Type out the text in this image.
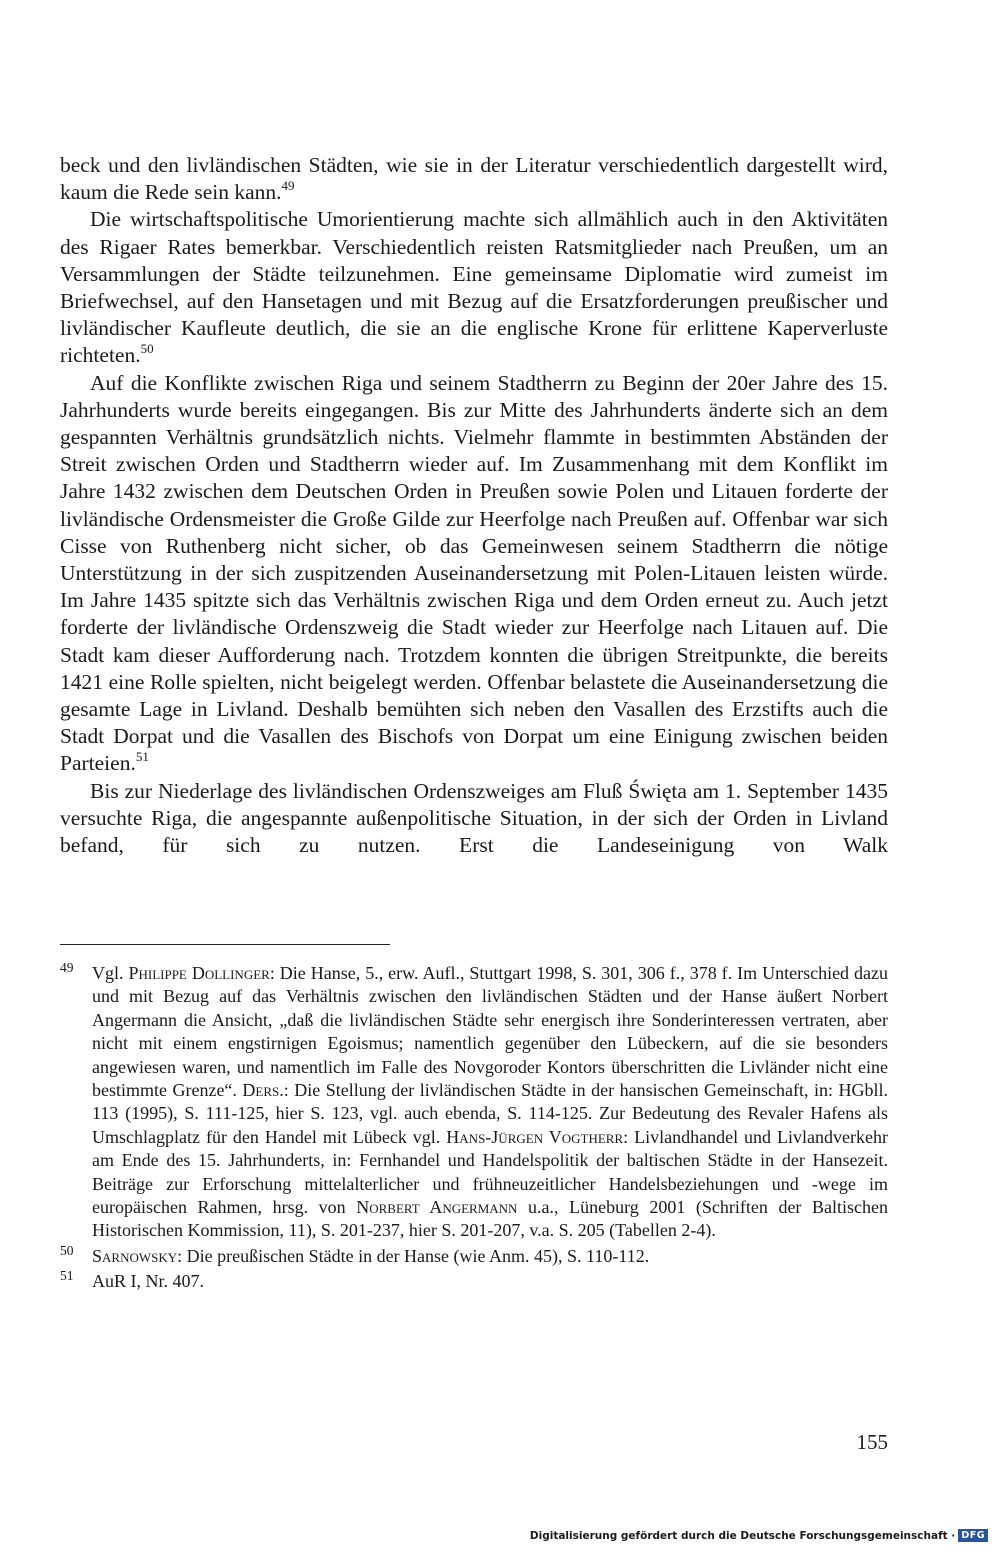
beck und den livländischen Städten, wie sie in der Literatur verschiedentlich dargestellt wird, kaum die Rede sein kann.$^{49}$

Die wirtschaftspolitische Umorientierung machte sich allmählich auch in den Aktivitäten des Rigaer Rates bemerkbar. Verschiedentlich reisten Ratsmitglieder nach Preußen, um an Versammlungen der Städte teilzunehmen. Eine gemeinsame Diplomatie wird zumeist im Briefwechsel, auf den Hansetagen und mit Bezug auf die Ersatzforderungen preußischer und livländischer Kaufleute deutlich, die sie an die englische Krone für erlittene Kaperverluste richteten.$^{50}$

Auf die Konflikte zwischen Riga und seinem Stadtherrn zu Beginn der 20er Jahre des 15. Jahrhunderts wurde bereits eingegangen. Bis zur Mitte des Jahrhunderts änderte sich an dem gespannten Verhältnis grundsätzlich nichts. Vielmehr flammte in bestimmten Abständen der Streit zwischen Orden und Stadtherrn wieder auf. Im Zusammenhang mit dem Konflikt im Jahre 1432 zwischen dem Deutschen Orden in Preußen sowie Polen und Litauen forderte der livländische Ordensmeister die Große Gilde zur Heerfolge nach Preußen auf. Offenbar war sich Cisse von Ruthenberg nicht sicher, ob das Gemeinwesen seinem Stadtherrn die nötige Unterstützung in der sich zuspitzenden Auseinandersetzung mit Polen-Litauen leisten würde. Im Jahre 1435 spitzte sich das Verhältnis zwischen Riga und dem Orden erneut zu. Auch jetzt forderte der livländische Ordenszweig die Stadt wieder zur Heerfolge nach Litauen auf. Die Stadt kam dieser Aufforderung nach. Trotzdem konnten die übrigen Streitpunkte, die bereits 1421 eine Rolle spielten, nicht beigelegt werden. Offenbar belastete die Auseinandersetzung die gesamte Lage in Livland. Deshalb bemühten sich neben den Vasallen des Erzstifts auch die Stadt Dorpat und die Vasallen des Bischofs von Dorpat um eine Einigung zwischen beiden Parteien.$^{51}$

Bis zur Niederlage des livländischen Ordenszweiges am Fluß Święta am 1. September 1435 versuchte Riga, die angespannte außenpolitische Situation, in der sich der Orden in Livland befand, für sich zu nutzen. Erst die Landeseinigung von Walk

49 Vgl. Philippe Dollinger: Die Hanse, 5., erw. Aufl., Stuttgart 1998, S. 301, 306 f., 378 f. Im Unterschied dazu und mit Bezug auf das Verhältnis zwischen den livländischen Städten und der Hanse äußert Norbert Angermann die Ansicht, „daß die livländischen Städte sehr energisch ihre Sonderinteressen vertraten, aber nicht mit einem engstirnigen Egoismus; namentlich gegenüber den Lübeckern, auf die sie besonders angewiesen waren, und namentlich im Falle des Novgoroder Kontors überschritten die Livländer nicht eine bestimmte Grenze“. Ders.: Die Stellung der livländischen Städte in der hansischen Gemeinschaft, in: HGbll. 113 (1995), S. 111-125, hier S. 123, vgl. auch ebenda, S. 114-125. Zur Bedeutung des Revaler Hafens als Umschlagplatz für den Handel mit Lübeck vgl. Hans-Jürgen Vogtherr: Livlandhandel und Livlandverkehr am Ende des 15. Jahrhunderts, in: Fernhandel und Handelspolitik der baltischen Städte in der Hansezeit. Beiträge zur Erforschung mittelalterlicher und frühneuzeitlicher Handelsbeziehungen und -wege im europäischen Rahmen, hrsg. von Norbert Angermann u.a., Lüneburg 2001 (Schriften der Baltischen Historischen Kommission, 11), S. 201-237, hier S. 201-207, v.a. S. 205 (Tabellen 2-4).
50 Sarnowsky: Die preußischen Städte in der Hanse (wie Anm. 45), S. 110-112.
51 AuR I, Nr. 407.
155
Digitalisierung gefördert durch die Deutsche Forschungsgemeinschaft · DFG
